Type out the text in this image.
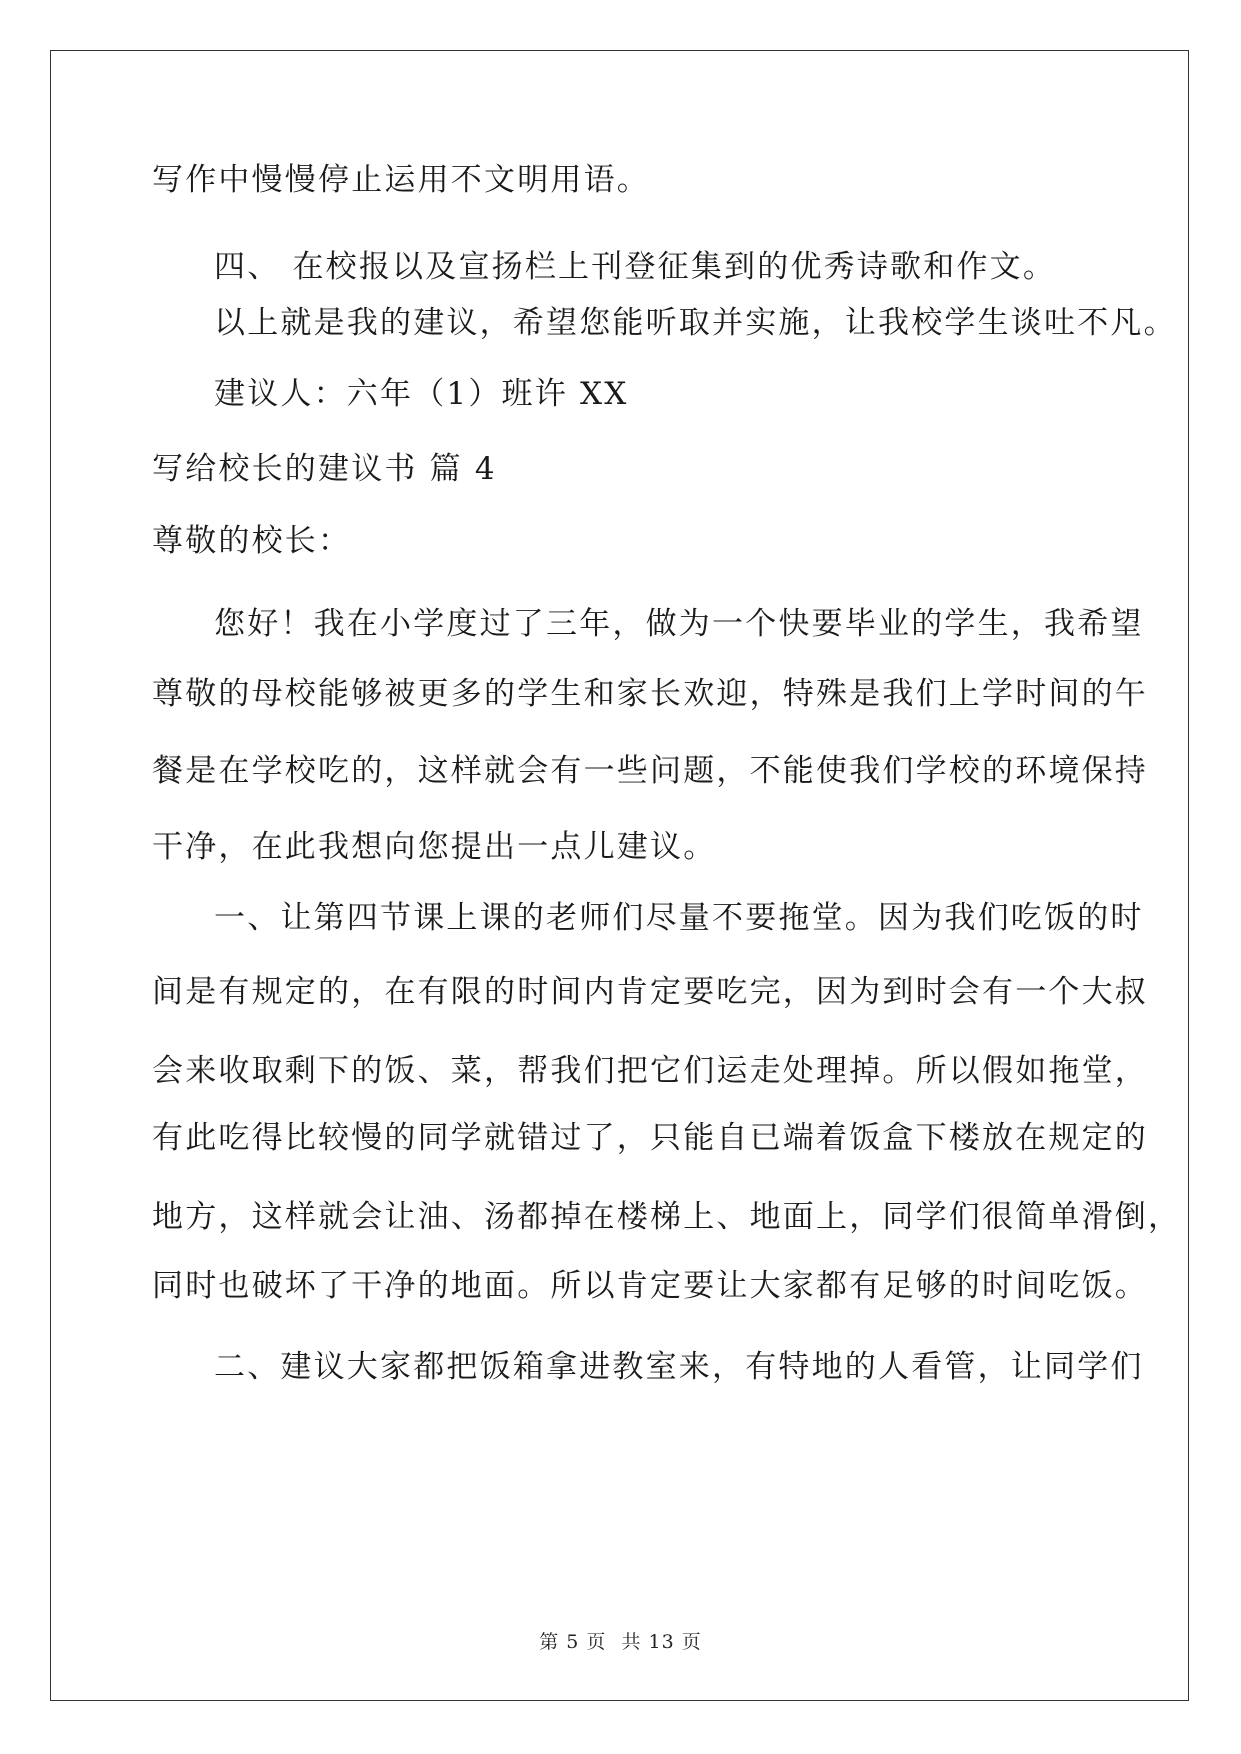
写作中慢慢停止运用不文明用语。
四、 在校报以及宣扬栏上刊登征集到的优秀诗歌和作文。
以上就是我的建议，希望您能听取并实施，让我校学生谈吐不凡。
建议人：六年（1）班许 XX
写给校长的建议书 篇 4
尊敬的校长：
您好！我在小学度过了三年，做为一个快要毕业的学生，我希望
尊敬的母校能够被更多的学生和家长欢迎，特殊是我们上学时间的午
餐是在学校吃的，这样就会有一些问题，不能使我们学校的环境保持
干净，在此我想向您提出一点儿建议。
一、让第四节课上课的老师们尽量不要拖堂。因为我们吃饭的时
间是有规定的，在有限的时间内肯定要吃完，因为到时会有一个大叔
会来收取剩下的饭、菜，帮我们把它们运走处理掉。所以假如拖堂，
有此吃得比较慢的同学就错过了，只能自已端着饭盒下楼放在规定的
地方，这样就会让油、汤都掉在楼梯上、地面上，同学们很简单滑倒，
同时也破坏了干净的地面。所以肯定要让大家都有足够的时间吃饭。
二、建议大家都把饭箱拿进教室来，有特地的人看管，让同学们
第 5 页 共 13 页
